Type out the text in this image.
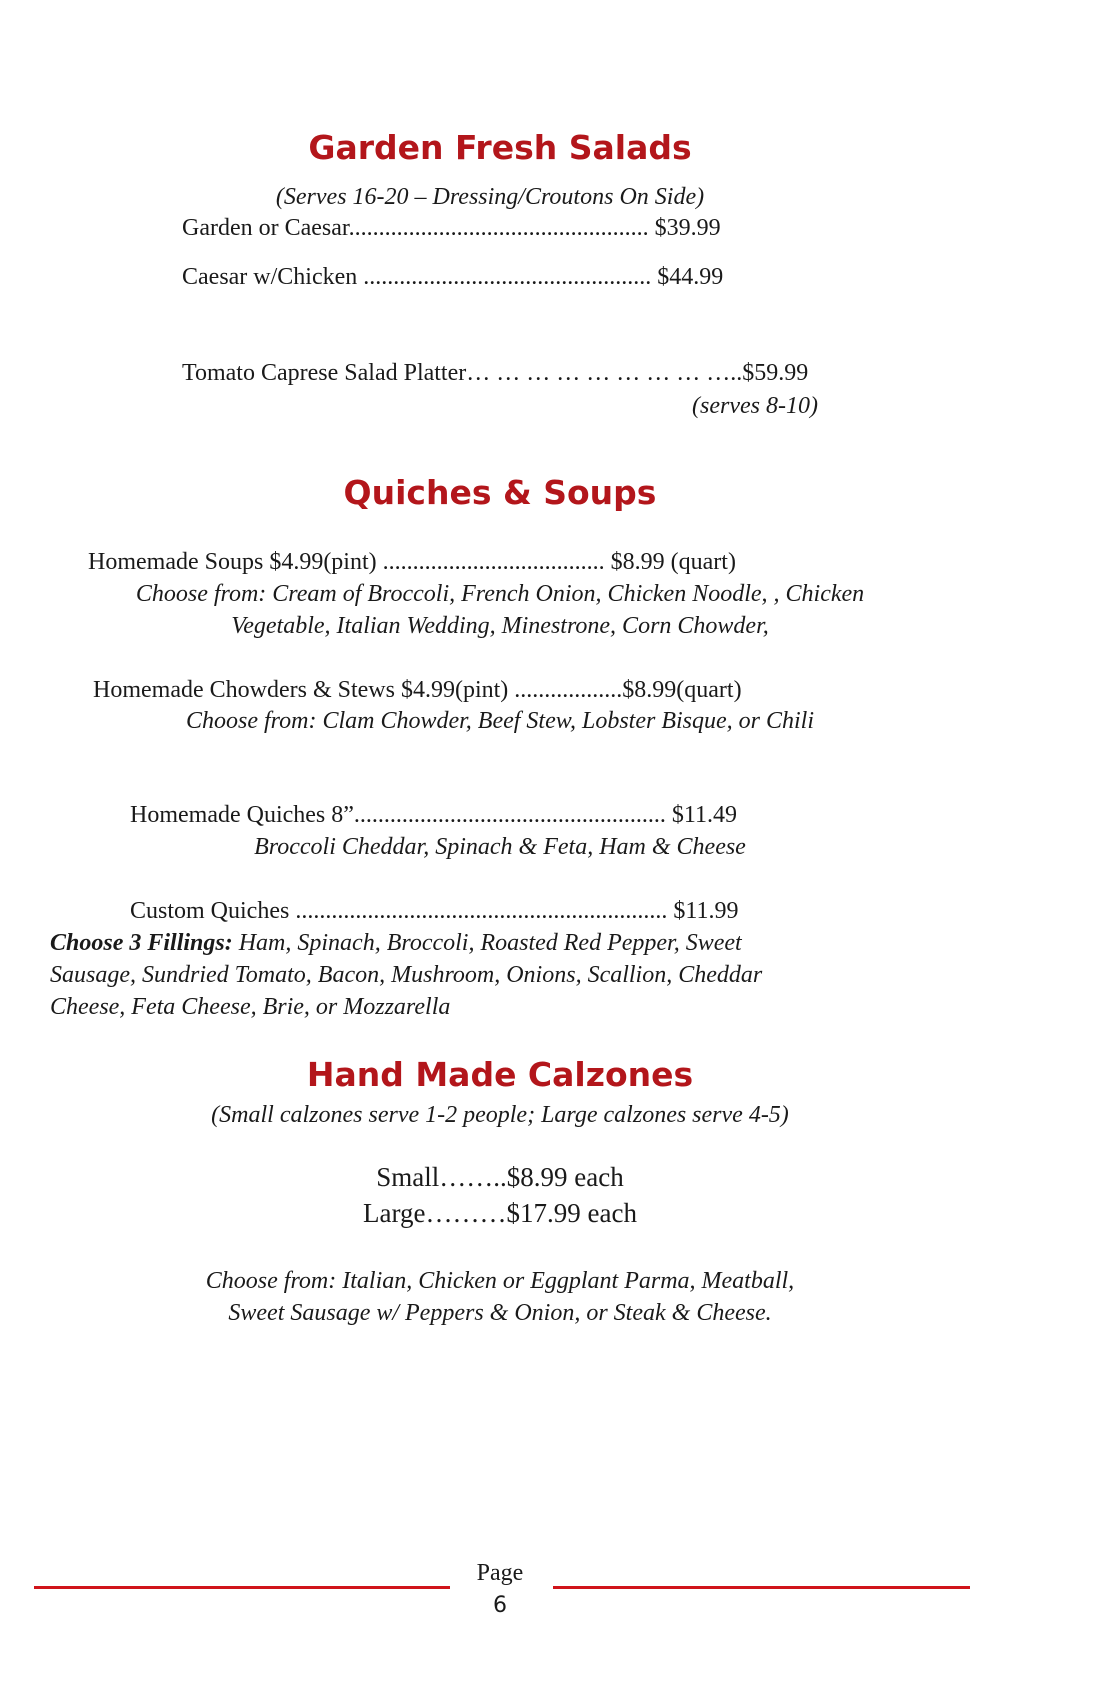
Garden Fresh Salads
(Serves 16-20 – Dressing/Croutons On Side)
Garden or Caesar.................................................. $39.99
Caesar w/Chicken ................................................ $44.99
Tomato Caprese Salad Platter… … … … … … … … …..$59.99
(serves 8-10)
Quiches & Soups
Homemade Soups $4.99(pint) ..................................... $8.99 (quart)
Choose from: Cream of Broccoli, French Onion, Chicken Noodle, , Chicken
Vegetable, Italian Wedding, Minestrone, Corn Chowder,
Homemade Chowders & Stews $4.99(pint) ..................$8.99(quart)
Choose from: Clam Chowder, Beef Stew, Lobster Bisque, or Chili
Homemade Quiches 8”.................................................... $11.49
Broccoli Cheddar, Spinach & Feta, Ham & Cheese
Custom Quiches .............................................................. $11.99
Choose 3 Fillings: Ham, Spinach, Broccoli, Roasted Red Pepper, Sweet
Sausage, Sundried Tomato, Bacon, Mushroom, Onions, Scallion, Cheddar
Cheese, Feta Cheese, Brie, or Mozzarella
Hand Made Calzones
(Small calzones serve 1-2 people; Large calzones serve 4-5)
Small……..$8.99 each
Large………$17.99 each
Choose from: Italian, Chicken or Eggplant Parma, Meatball,
Sweet Sausage w/ Peppers & Onion, or Steak & Cheese.
Page
6
